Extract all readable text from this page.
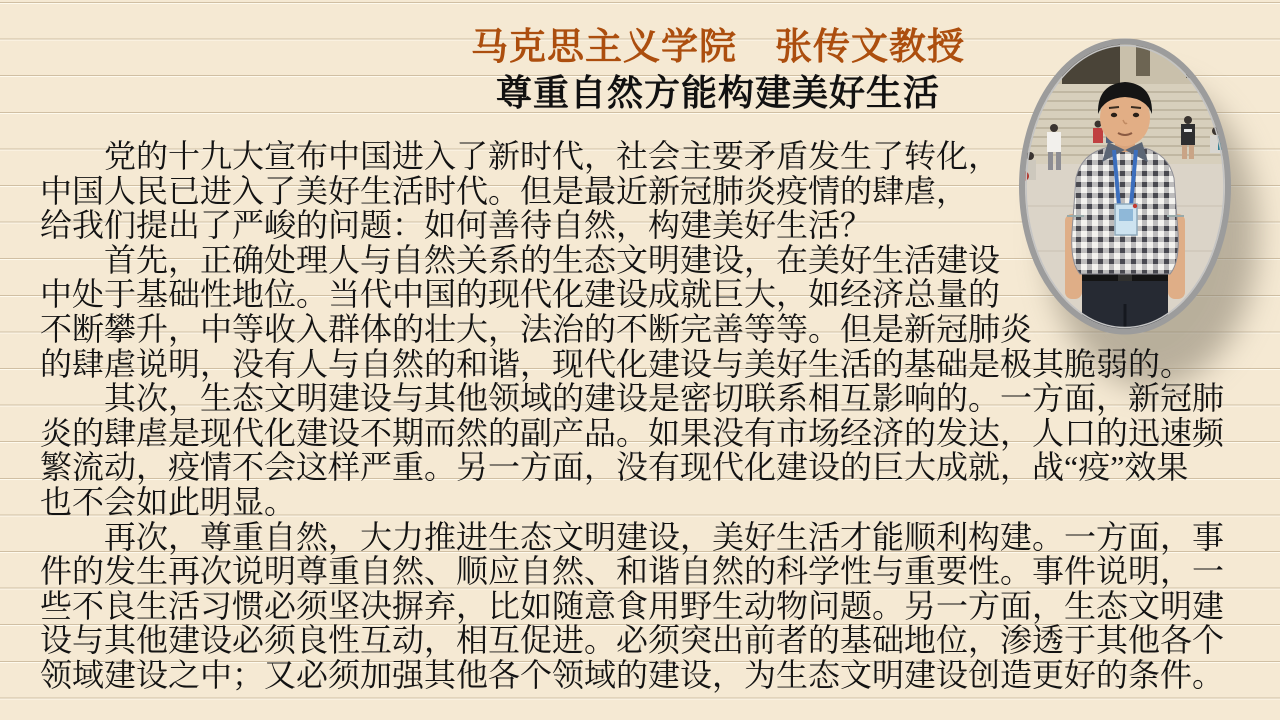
马克思主义学院　张传文教授
尊重自然方能构建美好生活
党的十九大宣布中国进入了新时代，社会主要矛盾发生了转化，
中国人民已进入了美好生活时代。但是最近新冠肺炎疫情的肆虐，
给我们提出了严峻的问题：如何善待自然，构建美好生活？
首先，正确处理人与自然关系的生态文明建设，在美好生活建设
中处于基础性地位。当代中国的现代化建设成就巨大，如经济总量的
不断攀升，中等收入群体的壮大，法治的不断完善等等。但是新冠肺炎
的肆虐说明，没有人与自然的和谐，现代化建设与美好生活的基础是极其脆弱的。
其次，生态文明建设与其他领域的建设是密切联系相互影响的。一方面，新冠肺
炎的肆虐是现代化建设不期而然的副产品。如果没有市场经济的发达，人口的迅速频
繁流动，疫情不会这样严重。另一方面，没有现代化建设的巨大成就，战“疫”效果
也不会如此明显。
再次，尊重自然，大力推进生态文明建设，美好生活才能顺利构建。一方面，事
件的发生再次说明尊重自然、顺应自然、和谐自然的科学性与重要性。事件说明，一
些不良生活习惯必须坚决摒弃，比如随意食用野生动物问题。另一方面，生态文明建
设与其他建设必须良性互动，相互促进。必须突出前者的基础地位，渗透于其他各个
领域建设之中；又必须加强其他各个领域的建设，为生态文明建设创造更好的条件。
